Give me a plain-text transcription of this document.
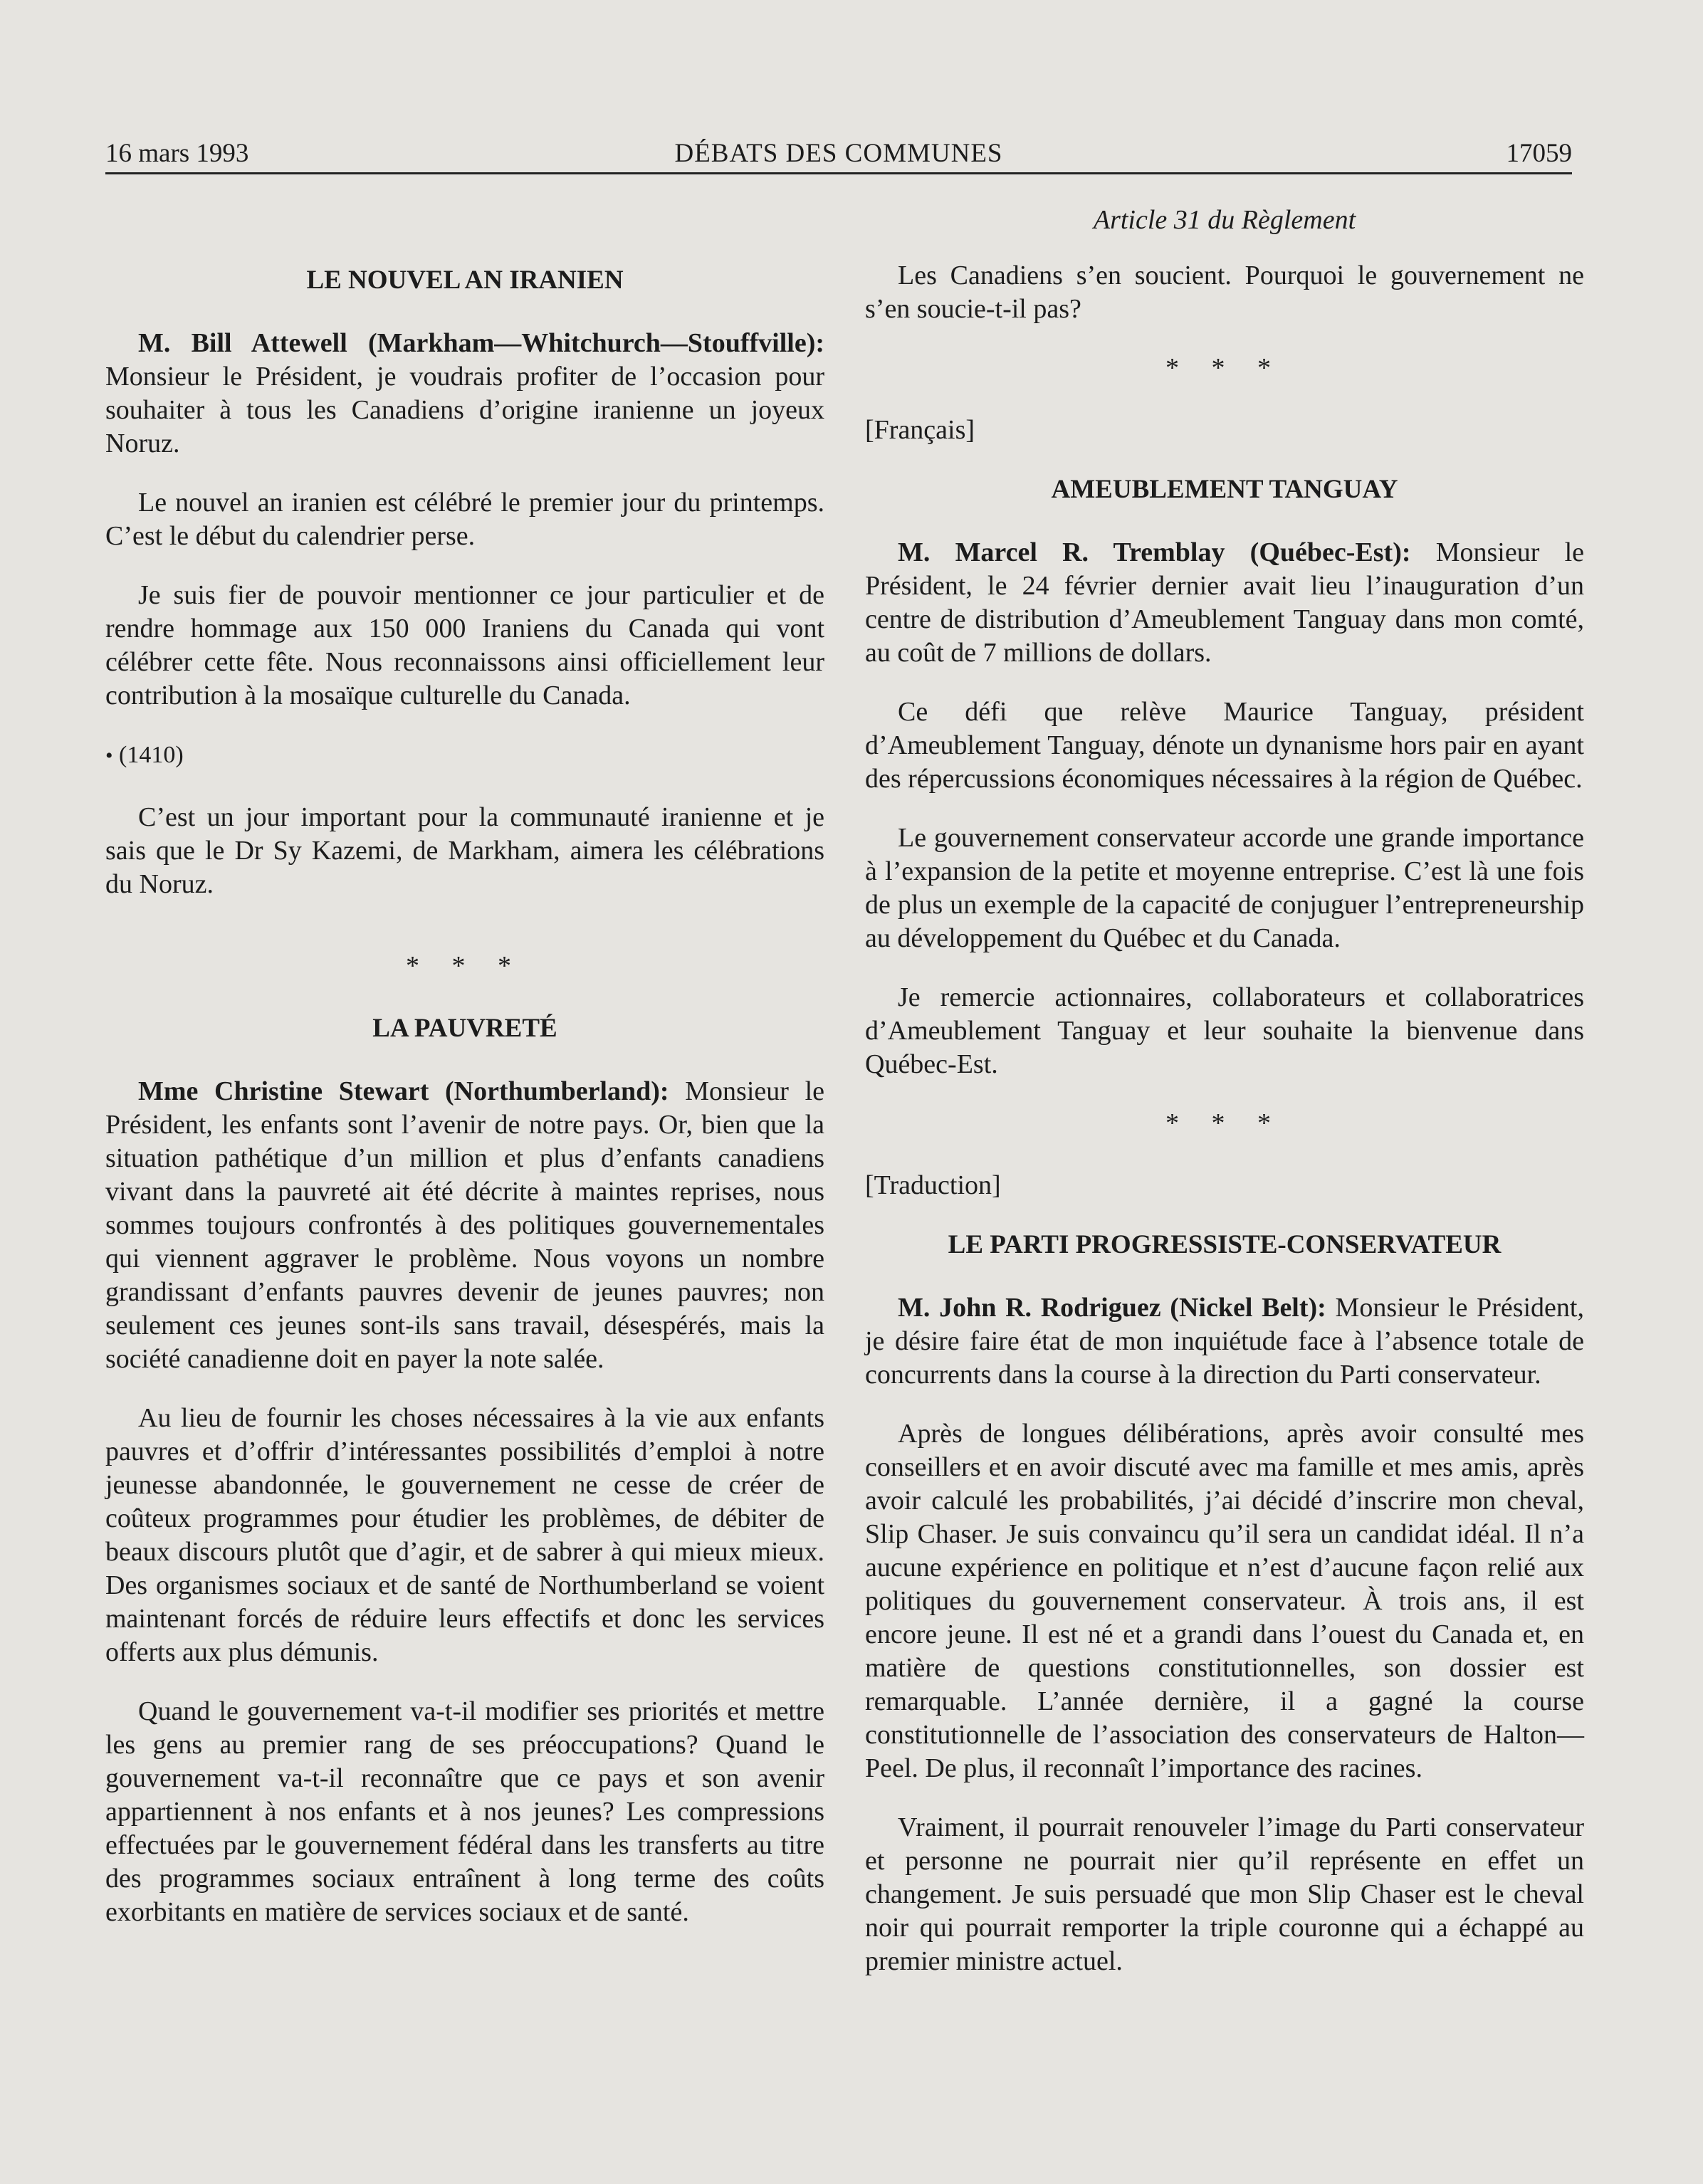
16 mars 1993	DÉBATS DES COMMUNES	17059
LE NOUVEL AN IRANIEN

M. Bill Attewell (Markham—Whitchurch—Stouffville): Monsieur le Président, je voudrais profiter de l’occasion pour souhaiter à tous les Canadiens d’origine iranienne un joyeux Noruz.

Le nouvel an iranien est célébré le premier jour du printemps. C’est le début du calendrier perse.

Je suis fier de pouvoir mentionner ce jour particulier et de rendre hommage aux 150 000 Iraniens du Canada qui vont célébrer cette fête. Nous reconnaissons ainsi officiellement leur contribution à la mosaïque culturelle du Canada.

• (1410)

C’est un jour important pour la communauté iranienne et je sais que le Dr Sy Kazemi, de Markham, aimera les célébrations du Noruz.

* * *
LA PAUVRETÉ

Mme Christine Stewart (Northumberland): Monsieur le Président, les enfants sont l’avenir de notre pays. Or, bien que la situation pathétique d’un million et plus d’enfants canadiens vivant dans la pauvreté ait été décrite à maintes reprises, nous sommes toujours confrontés à des politiques gouvernementales qui viennent aggraver le problème. Nous voyons un nombre grandissant d’enfants pauvres devenir de jeunes pauvres; non seulement ces jeunes sont-ils sans travail, désespérés, mais la société canadienne doit en payer la note salée.

Au lieu de fournir les choses nécessaires à la vie aux enfants pauvres et d’offrir d’intéressantes possibilités d’emploi à notre jeunesse abandonnée, le gouvernement ne cesse de créer de coûteux programmes pour étudier les problèmes, de débiter de beaux discours plutôt que d’agir, et de sabrer à qui mieux mieux. Des organismes sociaux et de santé de Northumberland se voient maintenant forcés de réduire leurs effectifs et donc les services offerts aux plus démunis.

Quand le gouvernement va-t-il modifier ses priorités et mettre les gens au premier rang de ses préoccupations? Quand le gouvernement va-t-il reconnaître que ce pays et son avenir appartiennent à nos enfants et à nos jeunes? Les compressions effectuées par le gouvernement fédéral dans les transferts au titre des programmes sociaux entraînent à long terme des coûts exorbitants en matière de services sociaux et de santé.

Article 31 du Règlement

Les Canadiens s’en soucient. Pourquoi le gouvernement ne s’en soucie-t-il pas?

* * *

[Français]

AMEUBLEMENT TANGUAY

M. Marcel R. Tremblay (Québec-Est): Monsieur le Président, le 24 février dernier avait lieu l’inauguration d’un centre de distribution d’Ameublement Tanguay dans mon comté, au coût de 7 millions de dollars.

Ce défi que relève Maurice Tanguay, président d’Ameublement Tanguay, dénote un dynanisme hors pair en ayant des répercussions économiques nécessaires à la région de Québec.

Le gouvernement conservateur accorde une grande importance à l’expansion de la petite et moyenne entreprise. C’est là une fois de plus un exemple de la capacité de conjuguer l’entrepreneurship au développement du Québec et du Canada.

Je remercie actionnaires, collaborateurs et collaboratrices d’Ameublement Tanguay et leur souhaite la bienvenue dans Québec-Est.

* * *

[Traduction]

LE PARTI PROGRESSISTE-CONSERVATEUR

M. John R. Rodriguez (Nickel Belt): Monsieur le Président, je désire faire état de mon inquiétude face à l’absence totale de concurrents dans la course à la direction du Parti conservateur.

Après de longues délibérations, après avoir consulté mes conseillers et en avoir discuté avec ma famille et mes amis, après avoir calculé les probabilités, j’ai décidé d’inscrire mon cheval, Slip Chaser. Je suis convaincu qu’il sera un candidat idéal. Il n’a aucune expérience en politique et n’est d’aucune façon relié aux politiques du gouvernement conservateur. À trois ans, il est encore jeune. Il est né et a grandi dans l’ouest du Canada et, en matière de questions constitutionnelles, son dossier est remarquable. L’année dernière, il a gagné la course constitutionnelle de l’association des conservateurs de Halton—Peel. De plus, il reconnaît l’importance des racines.

Vraiment, il pourrait renouveler l’image du Parti conservateur et personne ne pourrait nier qu’il représente en effet un changement. Je suis persuadé que mon Slip Chaser est le cheval noir qui pourrait remporter la triple couronne qui a échappé au premier ministre actuel.
